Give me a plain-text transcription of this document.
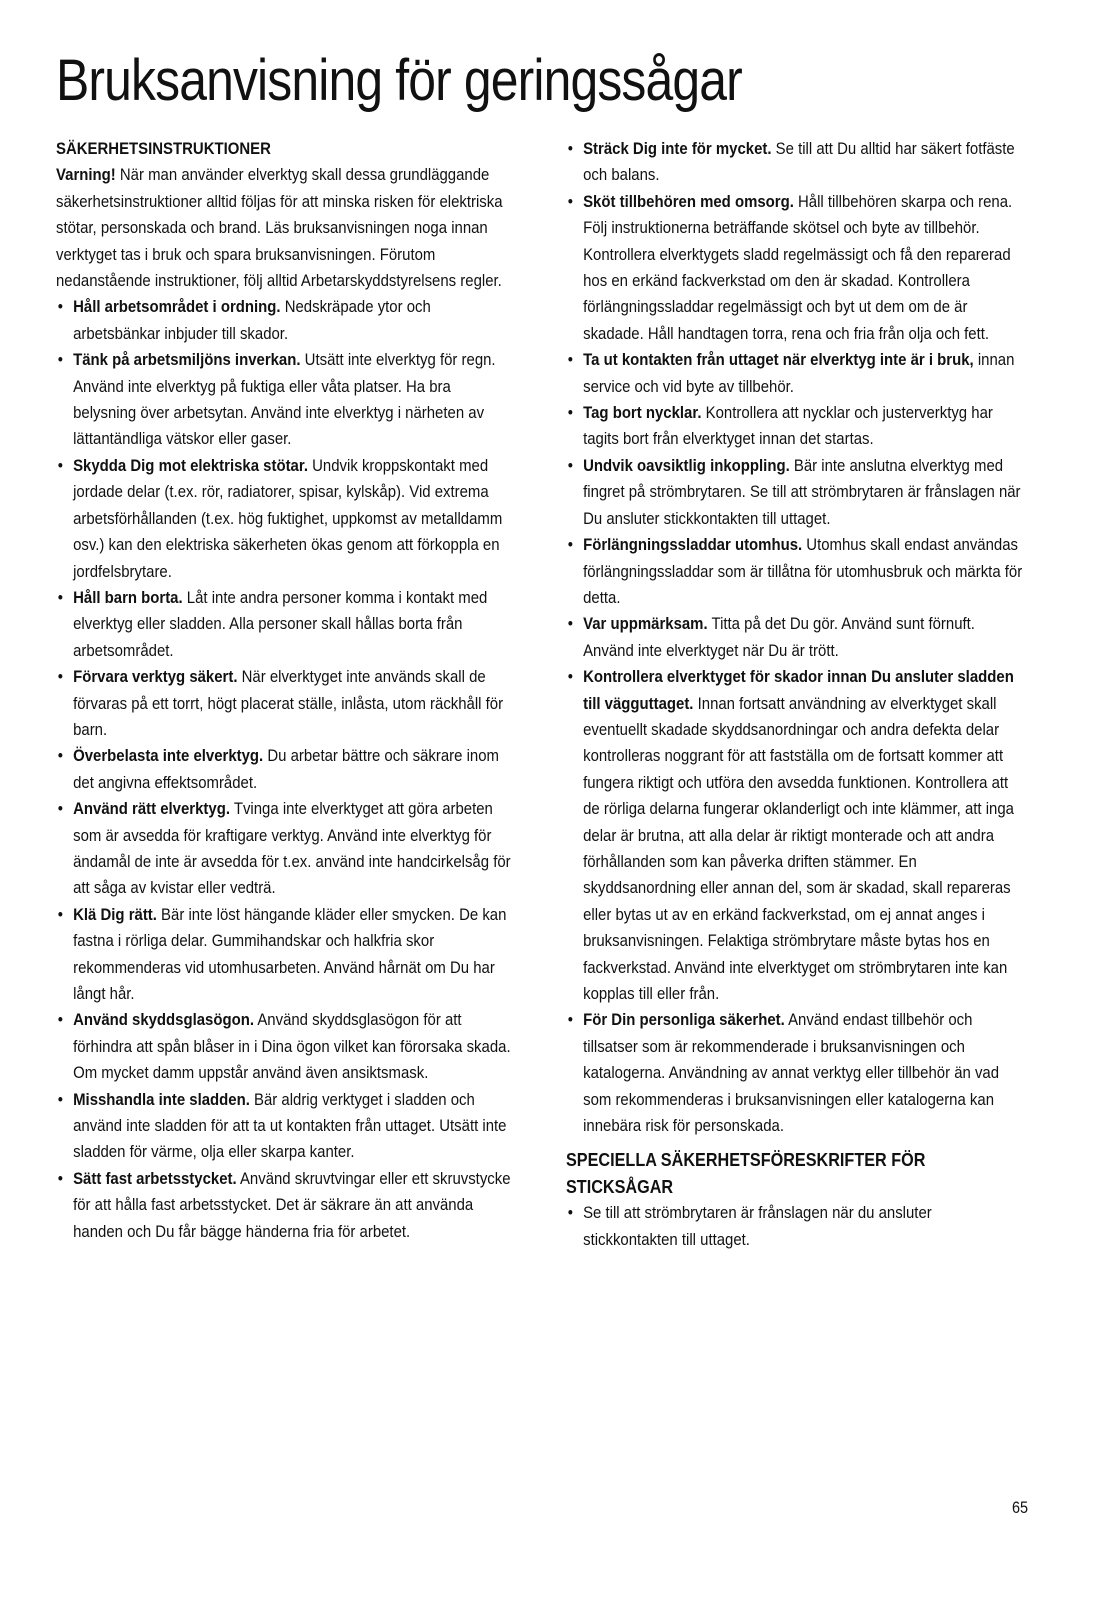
Bruksanvisning för geringssågar
SÄKERHETSINSTRUKTIONER

Varning! När man använder elverktyg skall dessa grundläggande säkerhetsinstruktioner alltid följas för att minska risken för elektriska stötar, personskada och brand. Läs bruksanvisningen noga innan verktyget tas i bruk och spara bruksanvisningen. Förutom nedanstående instruktioner, följ alltid Arbetarskyddstyrelsens regler.

• Håll arbetsområdet i ordning. Nedskräpade ytor och arbetsbänkar inbjuder till skador.
• Tänk på arbetsmiljöns inverkan. Utsätt inte elverktyg för regn. Använd inte elverktyg på fuktiga eller våta platser. Ha bra belysning över arbetsytan. Använd inte elverktyg i närheten av lättantändliga vätskor eller gaser.
• Skydda Dig mot elektriska stötar. Undvik kroppskontakt med jordade delar (t.ex. rör, radiatorer, spisar, kylskåp). Vid extrema arbetsförhållanden (t.ex. hög fuktighet, uppkomst av metalldamm osv.) kan den elektriska säkerheten ökas genom att förkoppla en jordfelsbrytare.
• Håll barn borta. Låt inte andra personer komma i kontakt med elverktyg eller sladden. Alla personer skall hållas borta från arbetsområdet.
• Förvara verktyg säkert. När elverktyget inte används skall de förvaras på ett torrt, högt placerat ställe, inlåsta, utom räckhåll för barn.
• Överbelasta inte elverktyg. Du arbetar bättre och säkrare inom det angivna effektsområdet.
• Använd rätt elverktyg. Tvinga inte elverktyget att göra arbeten som är avsedda för kraftigare verktyg. Använd inte elverktyg för ändamål de inte är avsedda för t.ex. använd inte handcirkelsåg för att såga av kvistar eller vedträ.
• Klä Dig rätt. Bär inte löst hängande kläder eller smycken. De kan fastna i rörliga delar. Gummihandskar och halkfria skor rekommenderas vid utomhusarbeten. Använd hårnät om Du har långt hår.
• Använd skyddsglasögon. Använd skyddsglasögon för att förhindra att spån blåser in i Dina ögon vilket kan förorsaka skada. Om mycket damm uppstår använd även ansiktsmask.
• Misshandla inte sladden. Bär aldrig verktyget i sladden och använd inte sladden för att ta ut kontakten från uttaget. Utsätt inte sladden för värme, olja eller skarpa kanter.
• Sätt fast arbetsstycket. Använd skruvtvingar eller ett skruvstycke för att hålla fast arbetsstycket. Det är säkrare än att använda handen och Du får bägge händerna fria för arbetet.
• Sträck Dig inte för mycket. Se till att Du alltid har säkert fotfäste och balans.
• Sköt tillbehören med omsorg. Håll tillbehören skarpa och rena. Följ instruktionerna beträffande skötsel och byte av tillbehör. Kontrollera elverktygets sladd regelmässigt och få den reparerad hos en erkänd fackverkstad om den är skadad. Kontrollera förlängningssladdar regelmässigt och byt ut dem om de är skadade. Håll handtagen torra, rena och fria från olja och fett.
• Ta ut kontakten från uttaget när elverktyg inte är i bruk, innan service och vid byte av tillbehör.
• Tag bort nycklar. Kontrollera att nycklar och justerverktyg har tagits bort från elverktyget innan det startas.
• Undvik oavsiktlig inkoppling. Bär inte anslutna elverktyg med fingret på strömbrytaren. Se till att strömbrytaren är frånslagen när Du ansluter stickkontakten till uttaget.
• Förlängningssladdar utomhus. Utomhus skall endast användas förlängningssladdar som är tillåtna för utomhusbruk och märkta för detta.
• Var uppmärksam. Titta på det Du gör. Använd sunt förnuft. Använd inte elverktyget när Du är trött.
• Kontrollera elverktyget för skador innan Du ansluter sladden till vägguttaget. Innan fortsatt användning av elverktyget skall eventuellt skadade skyddsanordningar och andra defekta delar kontrolleras noggrant för att fastställa om de fortsatt kommer att fungera riktigt och utföra den avsedda funktionen. Kontrollera att de rörliga delarna fungerar oklanderligt och inte klämmer, att inga delar är brutna, att alla delar är riktigt monterade och att andra förhållanden som kan påverka driften stämmer. En skyddsanordning eller annan del, som är skadad, skall repareras eller bytas ut av en erkänd fackverkstad, om ej annat anges i bruksanvisningen. Felaktiga strömbrytare måste bytas hos en fackverkstad. Använd inte elverktyget om strömbrytaren inte kan kopplas till eller från.
• För Din personliga säkerhet. Använd endast tillbehör och tillsatser som är rekommenderade i bruksanvisningen och katalogerna. Användning av annat verktyg eller tillbehör än vad som rekommenderas i bruksanvisningen eller katalogerna kan innebära risk för personskada.
SPECIELLA SÄKERHETSFÖRESKRIFTER FÖR STICKSÅGAR
• Se till att strömbrytaren är frånslagen när du ansluter stickkontakten till uttaget.
65
